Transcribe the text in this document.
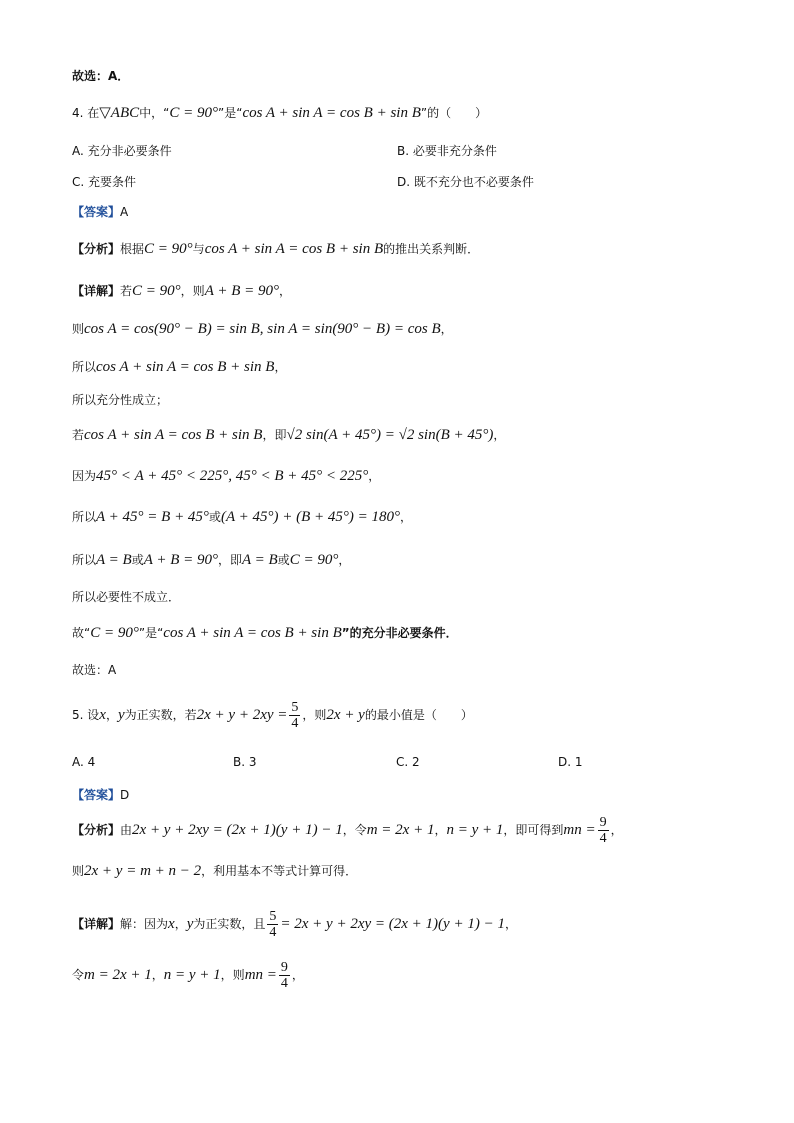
故选：A．
4. 在▽ABC中，“C = 90°”是“cos A + sin A = cos B + sin B”的（　　）
A. 充分非必要条件	B. 必要非充分条件
C. 充要条件	D. 既不充分也不必要条件
【答案】A
【分析】根据C = 90°与cos A + sin A = cos B + sin B的推出关系判断．
【详解】若C = 90°，则A + B = 90°，
则cos A = cos(90° − B) = sin B, sin A = sin(90° − B) = cos B，
所以cos A + sin A = cos B + sin B，
所以充分性成立；
若cos A + sin A = cos B + sin B，即√2 sin(A + 45°) = √2 sin(B + 45°)，
因为45° < A + 45° < 225°, 45° < B + 45° < 225°，
所以A + 45° = B + 45°或(A + 45°) + (B + 45°) = 180°，
所以A = B或A + B = 90°，即A = B或C = 90°，
所以必要性不成立．
故“C = 90°”是“cos A + sin A = cos B + sin B”的充分非必要条件．
故选：A
5. 设x，y为正实数，若$2x + y + 2xy = \frac{5}{4}$ ，则2x + y的最小值是（　　）
A. 4	B. 3	C. 2	D. 1
【答案】D
【分析】由2x + y + 2xy = (2x + 1)(y + 1) − 1，令m = 2x + 1，n = y + 1，即可得到mn = $\frac{9}{4}$ ，
则2x + y = m + n − 2，利用基本不等式计算可得．
【详解】解：因为x，y为正实数，且 $\frac{5}{4} = 2x + y + 2xy = (2x + 1)(y + 1) - 1$，
令m = 2x + 1，n = y + 1，则mn = $\frac{9}{4}$ ，
